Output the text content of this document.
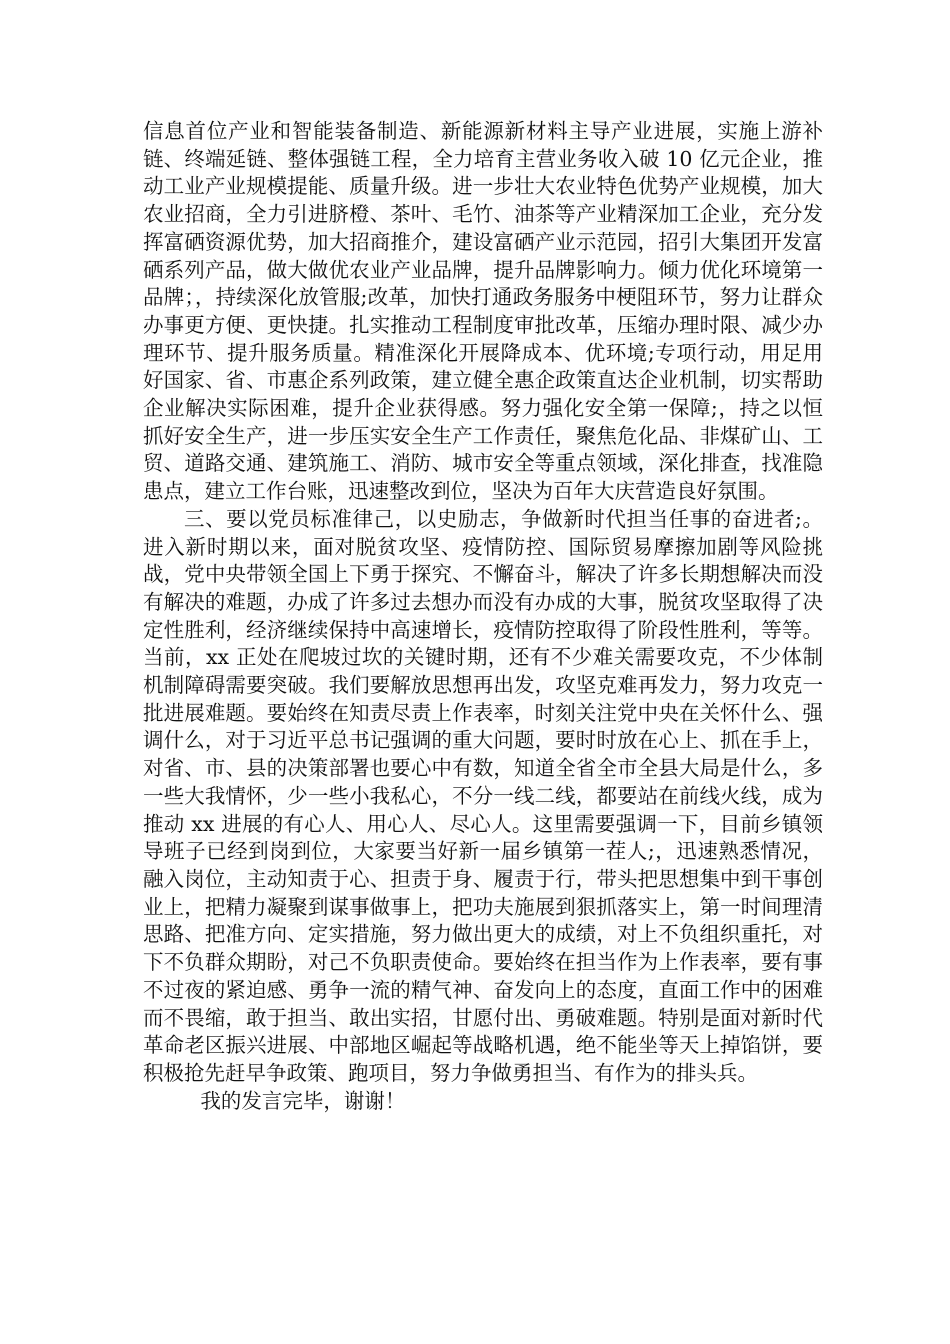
信息首位产业和智能装备制造、新能源新材料主导产业进展，实施上游补链、终端延链、整体强链工程，全力培育主营业务收入破 10 亿元企业，推动工业产业规模提能、质量升级。进一步壮大农业特色优势产业规模，加大农业招商，全力引进脐橙、茶叶、毛竹、油茶等产业精深加工企业，充分发挥富硒资源优势，加大招商推介，建设富硒产业示范园，招引大集团开发富硒系列产品，做大做优农业产业品牌，提升品牌影响力。倾力优化环境第一品牌；，持续深化放管服;改革，加快打通政务服务中梗阻环节，努力让群众办事更方便、更快捷。扎实推动工程制度审批改革，压缩办理时限、减少办理环节、提升服务质量。精准深化开展降成本、优环境;专项行动，用足用好国家、省、市惠企系列政策，建立健全惠企政策直达企业机制，切实帮助企业解决实际困难，提升企业获得感。努力强化安全第一保障;，持之以恒抓好安全生产，进一步压实安全生产工作责任，聚焦危化品、非煤矿山、工贸、道路交通、建筑施工、消防、城市安全等重点领域，深化排查，找准隐患点，建立工作台账，迅速整改到位，坚决为百年大庆营造良好氛围。

三、要以党员标准律己，以史励志，争做新时代担当任事的奋进者;。进入新时期以来，面对脱贫攻坚、疫情防控、国际贸易摩擦加剧等风险挑战，党中央带领全国上下勇于探究、不懈奋斗，解决了许多长期想解决而没有解决的难题，办成了许多过去想办而没有办成的大事，脱贫攻坚取得了决定性胜利，经济继续保持中高速增长，疫情防控取得了阶段性胜利，等等。当前，xx 正处在爬坡过坎的关键时期，还有不少难关需要攻克，不少体制机制障碍需要突破。我们要解放思想再出发，攻坚克难再发力，努力攻克一批进展难题。要始终在知责尽责上作表率，时刻关注党中央在关怀什么、强调什么，对于习近平总书记强调的重大问题，要时时放在心上、抓在手上，对省、市、县的决策部署也要心中有数，知道全省全市全县大局是什么，多一些大我情怀，少一些小我私心，不分一线二线，都要站在前线火线，成为推动 xx 进展的有心人、用心人、尽心人。这里需要强调一下，目前乡镇领导班子已经到岗到位，大家要当好新一届乡镇第一茬人;，迅速熟悉情况，融入岗位，主动知责于心、担责于身、履责于行，带头把思想集中到干事创业上，把精力凝聚到谋事做事上，把功夫施展到狠抓落实上，第一时间理清思路、把准方向、定实措施，努力做出更大的成绩，对上不负组织重托，对下不负群众期盼，对己不负职责使命。要始终在担当作为上作表率，要有事不过夜的紧迫感、勇争一流的精气神、奋发向上的态度，直面工作中的困难而不畏缩，敢于担当、敢出实招，甘愿付出、勇破难题。特别是面对新时代革命老区振兴进展、中部地区崛起等战略机遇，绝不能坐等天上掉馅饼，要积极抢先赶早争政策、跑项目，努力争做勇担当、有作为的排头兵。

我的发言完毕，谢谢！
